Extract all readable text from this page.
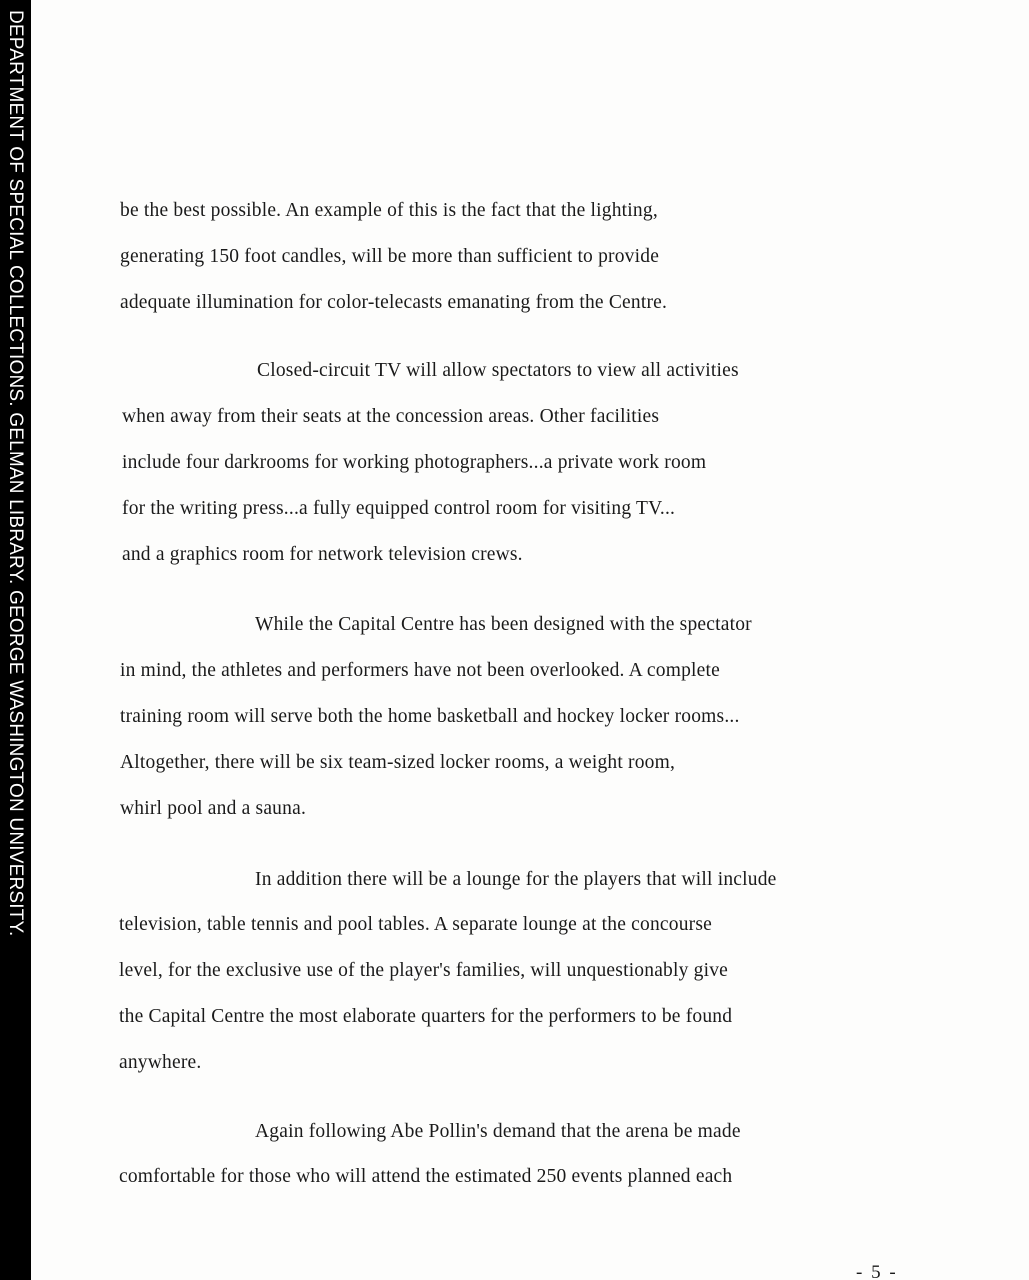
DEPARTMENT OF SPECIAL COLLECTIONS. GELMAN LIBRARY. GEORGE WASHINGTON UNIVERSITY.	be the best possible. An example of this is the fact that the lighting,
generating 150 foot candles, will be more than sufficient to provide
adequate illumination for color-telecasts emanating from the Centre.
Closed-circuit TV will allow spectators to view all activities
when away from their seats at the concession areas. Other facilities
include four darkrooms for working photographers...a private work room
for the writing press...a fully equipped control room for visiting TV...
and a graphics room for network television crews.
While the Capital Centre has been designed with the spectator
in mind, the athletes and performers have not been overlooked. A complete
training room will serve both the home basketball and hockey locker rooms...
Altogether, there will be six team-sized locker rooms, a weight room,
whirl pool and a sauna.
In addition there will be a lounge for the players that will include
television, table tennis and pool tables. A separate lounge at the concourse
level, for the exclusive use of the player's families, will unquestionably give
the Capital Centre the most elaborate quarters for the performers to be found
anywhere.
Again following Abe Pollin's demand that the arena be made
comfortable for those who will attend the estimated 250 events planned each
- 5 -
